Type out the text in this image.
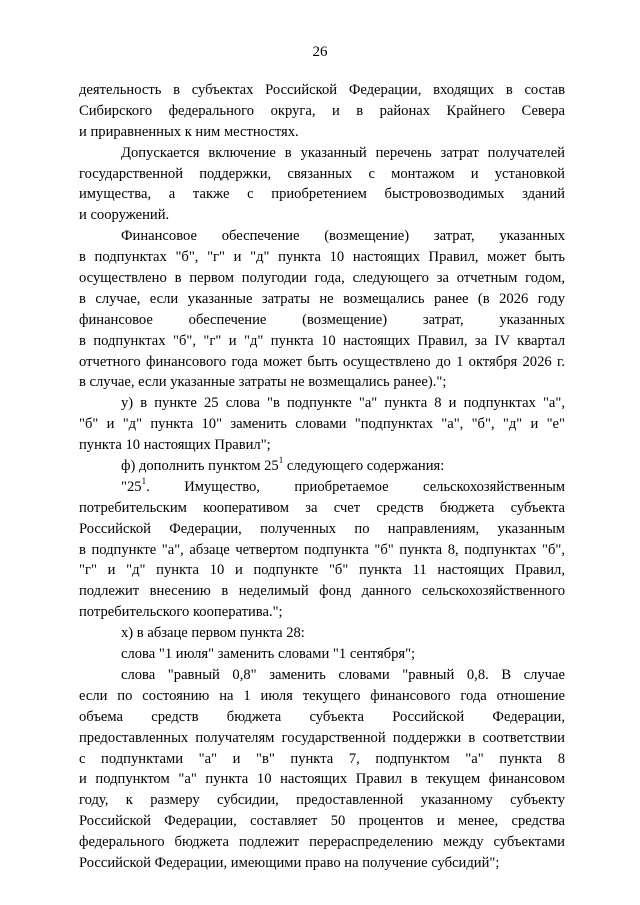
26
деятельность в субъектах Российской Федерации, входящих в состав
Сибирского федерального округа, и в районах Крайнего Севера
и приравненных к ним местностях.
Допускается включение в указанный перечень затрат получателей
государственной поддержки, связанных с монтажом и установкой
имущества, а также с приобретением быстровозводимых зданий
и сооружений.
Финансовое обеспечение (возмещение) затрат, указанных
в подпунктах "б", "г" и "д" пункта 10 настоящих Правил, может быть
осуществлено в первом полугодии года, следующего за отчетным годом,
в случае, если указанные затраты не возмещались ранее (в 2026 году
финансовое обеспечение (возмещение) затрат, указанных
в подпунктах "б", "г" и "д" пункта 10 настоящих Правил, за IV квартал
отчетного финансового года может быть осуществлено до 1 октября 2026 г.
в случае, если указанные затраты не возмещались ранее).";
у) в пункте 25 слова "в подпункте "а" пункта 8 и подпунктах "а",
"б" и "д" пункта 10" заменить словами "подпунктах "а", "б", "д" и "е"
пункта 10 настоящих Правил";
ф) дополнить пунктом $25^1$ следующего содержания:
"$25^1$. Имущество, приобретаемое сельскохозяйственным
потребительским кооперативом за счет средств бюджета субъекта
Российской Федерации, полученных по направлениям, указанным
в подпункте "а", абзаце четвертом подпункта "б" пункта 8, подпунктах "б",
"г" и "д" пункта 10 и подпункте "б" пункта 11 настоящих Правил,
подлежит внесению в неделимый фонд данного сельскохозяйственного
потребительского кооператива.";
х) в абзаце первом пункта 28:
слова "1 июля" заменить словами "1 сентября";
слова "равный 0,8" заменить словами "равный 0,8. В случае
если по состоянию на 1 июля текущего финансового года отношение
объема средств бюджета субъекта Российской Федерации,
предоставленных получателям государственной поддержки в соответствии
с подпунктами "а" и "в" пункта 7, подпунктом "а" пункта 8
и подпунктом "а" пункта 10 настоящих Правил в текущем финансовом
году, к размеру субсидии, предоставленной указанному субъекту
Российской Федерации, составляет 50 процентов и менее, средства
федерального бюджета подлежит перераспределению между субъектами
Российской Федерации, имеющими право на получение субсидий";
